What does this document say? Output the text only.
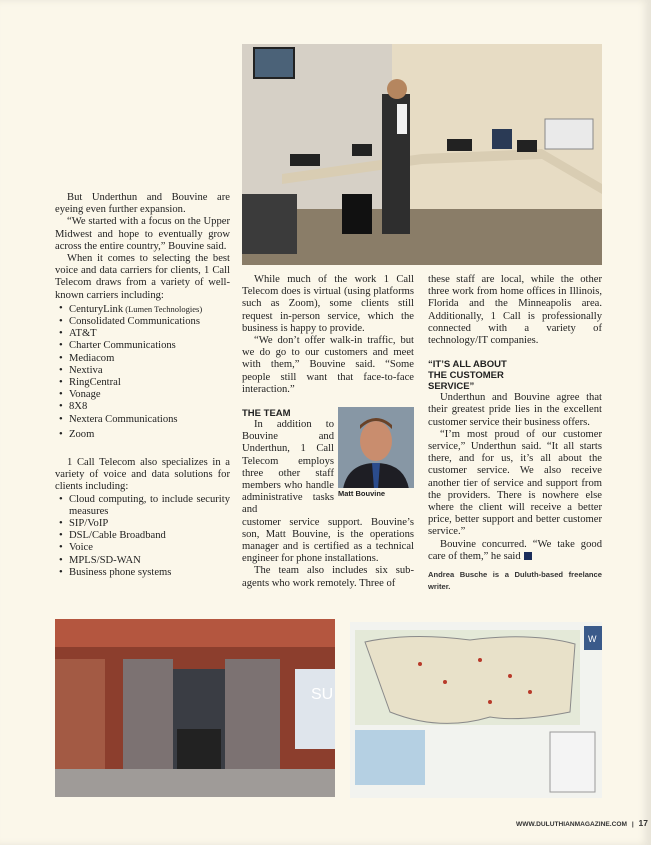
But Underthun and Bouvine are eyeing even further expansion.

“We started with a focus on the Upper Midwest and hope to eventually grow across the entire country,” Bouvine said.

When it comes to selecting the best voice and data carriers for clients, 1 Call Telecom draws from a variety of well-known carriers including:

• CenturyLink (Lumen Technologies)
• Consolidated Communications
• AT&T
• Charter Communications
• Mediacom
• Nextiva
• RingCentral
• Vonage
• 8X8
• Nextera Communications
• Zoom

1 Call Telecom also specializes in a variety of voice and data solutions for clients including:

• Cloud computing, to include security measures
• SIP/VoIP
• DSL/Cable Broadband
• Voice
• MPLS/SD-WAN
• Business phone systems

While much of the work 1 Call Telecom does is virtual (using platforms such as Zoom), some clients still request in-person service, which the business is happy to provide.

“We don’t offer walk-in traffic, but we do go to our customers and meet with them,” Bouvine said. “Some people still want that face-to-face interaction.”

THE TEAM
Matt Bouvine

In addition to Bouvine and Underthun, 1 Call Telecom employs three other staff members who handle administrative tasks and

customer service support. Bouvine’s son, Matt Bouvine, is the operations manager and is certified as a technical engineer for phone installations.

The team also includes six sub-agents who work remotely. Three of

these staff are local, while the other three work from home offices in Illinois, Florida and the Minneapolis area. Additionally, 1 Call is professionally connected with a variety of technology/IT companies.

“IT’S ALL ABOUT THE CUSTOMER SERVICE”

Underthun and Bouvine agree that their greatest pride lies in the excellent customer service their business offers.

“I’m most proud of our customer service,” Underthun said. “It all starts there, and for us, it’s all about the customer service. We also receive another tier of service and support from the providers. There is nowhere else where the client will receive a better price, better support and better customer service.”

Bouvine concurred. “We take good care of them,” he said

Andrea Busche is a Duluth-based freelance writer.
SU
W
WWW.DULUTHIANMAGAZINE.COM | 17
